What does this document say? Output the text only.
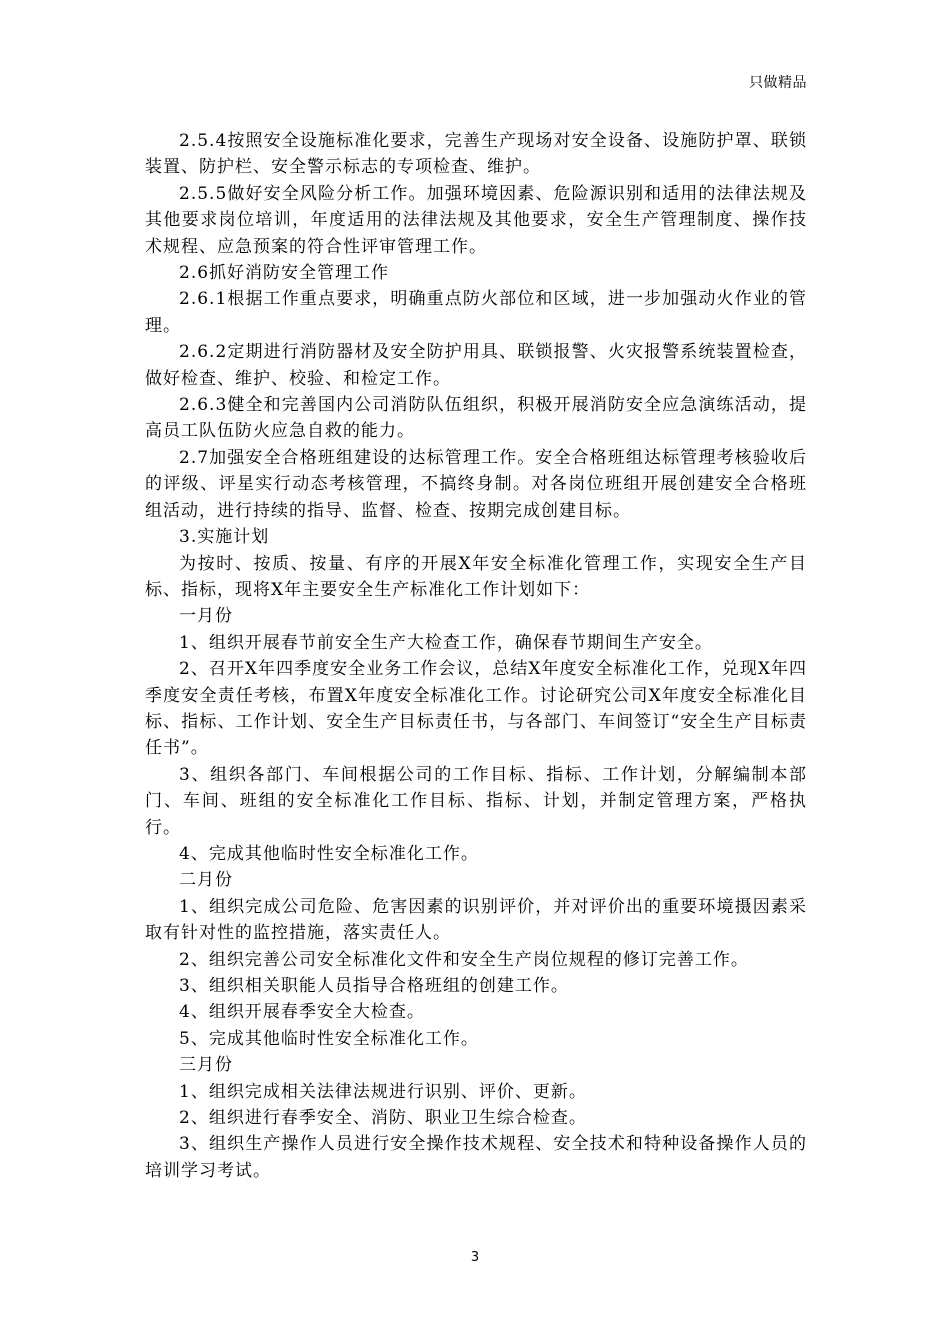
只做精品

2.5.4按照安全设施标准化要求，完善生产现场对安全设备、设施防护罩、联锁装置、防护栏、安全警示标志的专项检查、维护。

2.5.5做好安全风险分析工作。加强环境因素、危险源识别和适用的法律法规及其他要求岗位培训，年度适用的法律法规及其他要求，安全生产管理制度、操作技术规程、应急预案的符合性评审管理工作。

2.6抓好消防安全管理工作

2.6.1根据工作重点要求，明确重点防火部位和区域，进一步加强动火作业的管理。

2.6.2定期进行消防器材及安全防护用具、联锁报警、火灾报警系统装置检查，做好检查、维护、校验、和检定工作。

2.6.3健全和完善国内公司消防队伍组织，积极开展消防安全应急演练活动，提高员工队伍防火应急自救的能力。

2.7加强安全合格班组建设的达标管理工作。安全合格班组达标管理考核验收后的评级、评星实行动态考核管理，不搞终身制。对各岗位班组开展创建安全合格班组活动，进行持续的指导、监督、检查、按期完成创建目标。

3.实施计划

为按时、按质、按量、有序的开展X年安全标准化管理工作，实现安全生产目标、指标，现将X年主要安全生产标准化工作计划如下：

一月份

1、组织开展春节前安全生产大检查工作，确保春节期间生产安全。

2、召开X年四季度安全业务工作会议，总结X年度安全标准化工作，兑现X年四季度安全责任考核，布置X年度安全标准化工作。讨论研究公司X年度安全标准化目标、指标、工作计划、安全生产目标责任书，与各部门、车间签订“安全生产目标责任书”。

3、组织各部门、车间根据公司的工作目标、指标、工作计划，分解编制本部门、车间、班组的安全标准化工作目标、指标、计划，并制定管理方案，严格执行。

4、完成其他临时性安全标准化工作。

二月份

1、组织完成公司危险、危害因素的识别评价，并对评价出的重要环境摄因素采取有针对性的监控措施，落实责任人。

2、组织完善公司安全标准化文件和安全生产岗位规程的修订完善工作。

3、组织相关职能人员指导合格班组的创建工作。

4、组织开展春季安全大检查。

5、完成其他临时性安全标准化工作。

三月份

1、组织完成相关法律法规进行识别、评价、更新。

2、组织进行春季安全、消防、职业卫生综合检查。

3、组织生产操作人员进行安全操作技术规程、安全技术和特种设备操作人员的培训学习考试。

3
